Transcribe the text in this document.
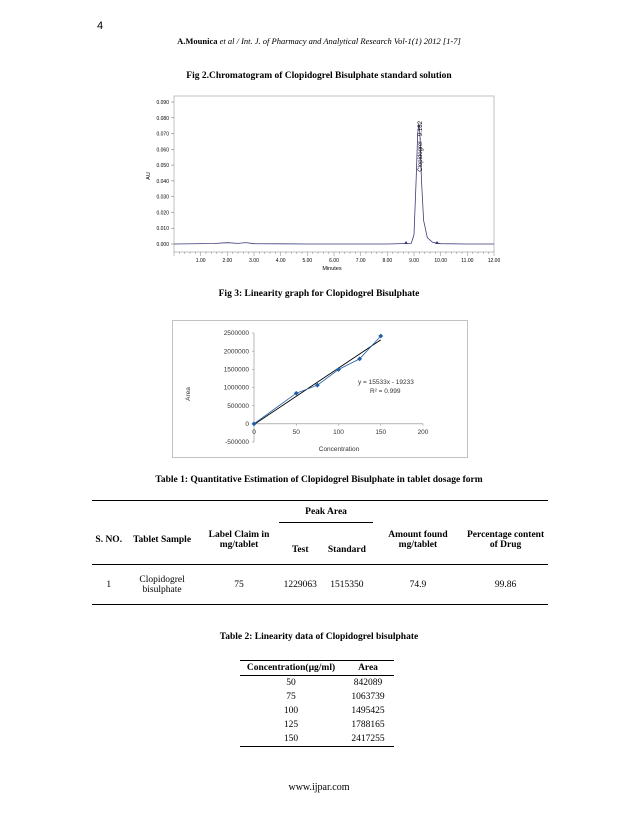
4
A.Mounica et al / Int. J. of Pharmacy and Analytical Research Vol-1(1) 2012 [1-7]
Fig 2.Chromatogram of Clopidogrel Bisulphate standard solution
0.000
0.010
0.020
0.030
0.040
0.050
0.060
0.070
0.080
0.090
1.00	2.00	3.00	4.00	5.00	6.00	7.00	8.00	9.00	10.00	11.00	12.00
AU
Minutes
Clopidogrel - 9.182
Fig 3: Linearity graph for Clopidogrel Bisulphate
-500000
0
500000
1000000
1500000
2000000
2500000
0	50	100	150	200
Area
Concentration
y = 15533x - 19233
R² = 0.999
Table 1: Quantitative Estimation of Clopidogrel Bisulphate in tablet dosage form
S. NO.	Tablet Sample	Label Claim in mg/tablet	Peak Area		Amount found mg/tablet	Percentage content of Drug
			Test	Standard		
1	Clopidogrel bisulphate	75	1229063	1515350	74.9	99.86
Table 2: Linearity data of Clopidogrel bisulphate
Concentration(µg/ml)	Area
50	842089
75	1063739
100	1495425
125	1788165
150	2417255
www.ijpar.com
